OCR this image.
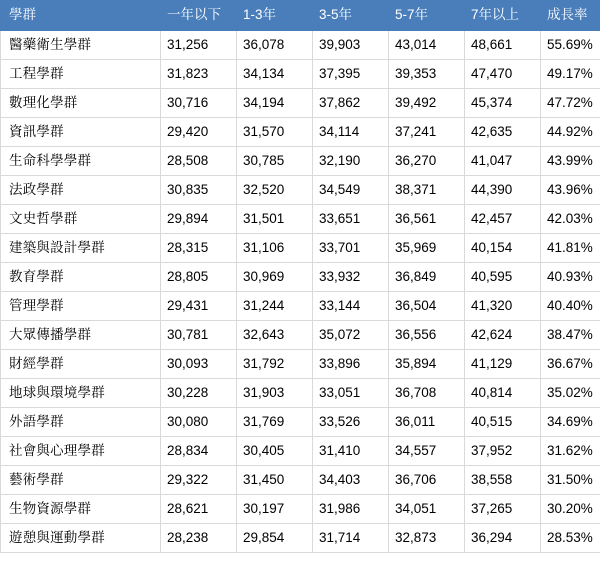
學群	一年以下	1-3年	3-5年	5-7年	7年以上	成長率
醫藥衛生學群	31,256	36,078	39,903	43,014	48,661	55.69%
工程學群	31,823	34,134	37,395	39,353	47,470	49.17%
數理化學群	30,716	34,194	37,862	39,492	45,374	47.72%
資訊學群	29,420	31,570	34,114	37,241	42,635	44.92%
生命科學學群	28,508	30,785	32,190	36,270	41,047	43.99%
法政學群	30,835	32,520	34,549	38,371	44,390	43.96%
文史哲學群	29,894	31,501	33,651	36,561	42,457	42.03%
建築與設計學群	28,315	31,106	33,701	35,969	40,154	41.81%
教育學群	28,805	30,969	33,932	36,849	40,595	40.93%
管理學群	29,431	31,244	33,144	36,504	41,320	40.40%
大眾傳播學群	30,781	32,643	35,072	36,556	42,624	38.47%
財經學群	30,093	31,792	33,896	35,894	41,129	36.67%
地球與環境學群	30,228	31,903	33,051	36,708	40,814	35.02%
外語學群	30,080	31,769	33,526	36,011	40,515	34.69%
社會與心理學群	28,834	30,405	31,410	34,557	37,952	31.62%
藝術學群	29,322	31,450	34,403	36,706	38,558	31.50%
生物資源學群	28,621	30,197	31,986	34,051	37,265	30.20%
遊憩與運動學群	28,238	29,854	31,714	32,873	36,294	28.53%
